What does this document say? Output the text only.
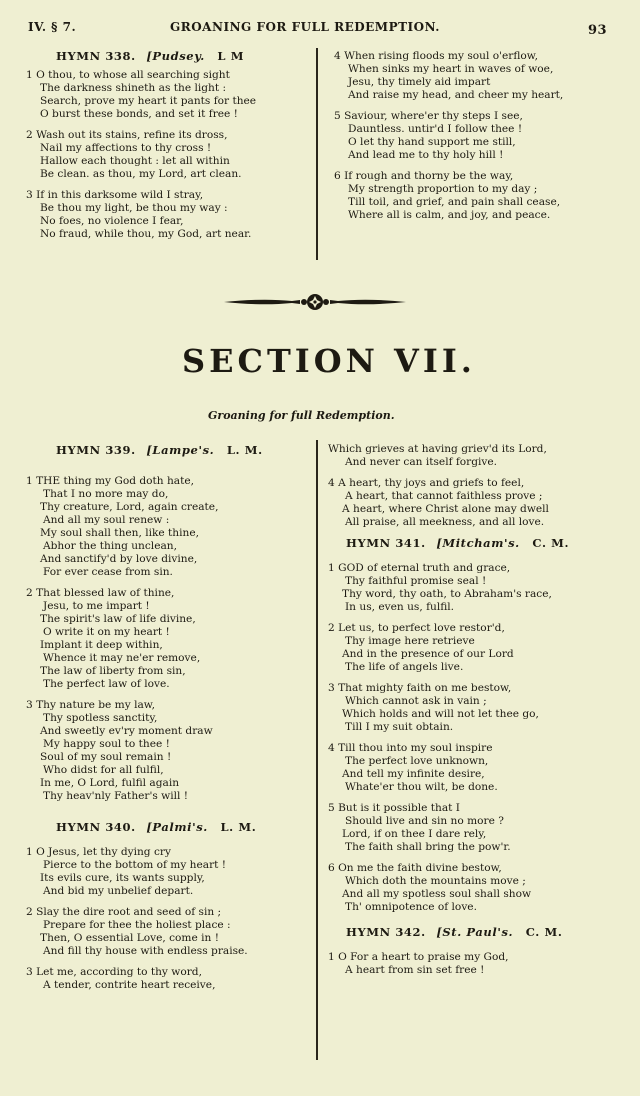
IV. § 7.	GROANING FOR FULL REDEMPTION.	93
HYMN 338. [Pudsey. L M
1 O thou, to whose all searching sight
The darkness shineth as the light :
Search, prove my heart it pants for thee
O burst these bonds, and set it free !
2 Wash out its stains, refine its dross,
Nail my affections to thy cross !
Hallow each thought : let all within
Be clean. as thou, my Lord, art clean.
3 If in this darksome wild I stray,
Be thou my light, be thou my way :
No foes, no violence I fear,
No fraud, while thou, my God, art near.
4 When rising floods my soul o'erflow,
When sinks my heart in waves of woe,
Jesu, thy timely aid impart
And raise my head, and cheer my heart,
5 Saviour, where'er thy steps I see,
Dauntless. untir'd I follow thee !
O let thy hand support me still,
And lead me to thy holy hill !
6 If rough and thorny be the way,
My strength proportion to my day ;
Till toil, and grief, and pain shall cease,
Where all is calm, and joy, and peace.
SECTION VII.
Groaning for full Redemption.
HYMN 339. [Lampe's. L. M.
1 THE thing my God doth hate,
That I no more may do,
Thy creature, Lord, again create,
And all my soul renew :
My soul shall then, like thine,
Abhor the thing unclean,
And sanctify'd by love divine,
For ever cease from sin.
2 That blessed law of thine,
Jesu, to me impart !
The spirit's law of life divine,
O write it on my heart !
Implant it deep within,
Whence it may ne'er remove,
The law of liberty from sin,
The perfect law of love.
3 Thy nature be my law,
Thy spotless sanctity,
And sweetly ev'ry moment draw
My happy soul to thee !
Soul of my soul remain !
Who didst for all fulfil,
In me, O Lord, fulfil again
Thy heav'nly Father's will !
HYMN 340. [Palmi's. L. M.
1 O Jesus, let thy dying cry
Pierce to the bottom of my heart !
Its evils cure, its wants supply,
And bid my unbelief depart.
2 Slay the dire root and seed of sin ;
Prepare for thee the holiest place :
Then, O essential Love, come in !
And fill thy house with endless praise.
3 Let me, according to thy word,
A tender, contrite heart receive,
Which grieves at having griev'd its Lord,
And never can itself forgive.
4 A heart, thy joys and griefs to feel,
A heart, that cannot faithless prove ;
A heart, where Christ alone may dwell
All praise, all meekness, and all love.
HYMN 341. [Mitcham's. C. M.
1 GOD of eternal truth and grace,
Thy faithful promise seal !
Thy word, thy oath, to Abraham's race,
In us, even us, fulfil.
2 Let us, to perfect love restor'd,
Thy image here retrieve
And in the presence of our Lord
The life of angels live.
3 That mighty faith on me bestow,
Which cannot ask in vain ;
Which holds and will not let thee go,
Till I my suit obtain.
4 Till thou into my soul inspire
The perfect love unknown,
And tell my infinite desire,
Whate'er thou wilt, be done.
5 But is it possible that I
Should live and sin no more ?
Lord, if on thee I dare rely,
The faith shall bring the pow'r.
6 On me the faith divine bestow,
Which doth the mountains move ;
And all my spotless soul shall show
Th' omnipotence of love.
HYMN 342. [St. Paul's. C. M.
1 O For a heart to praise my God,
A heart from sin set free !
